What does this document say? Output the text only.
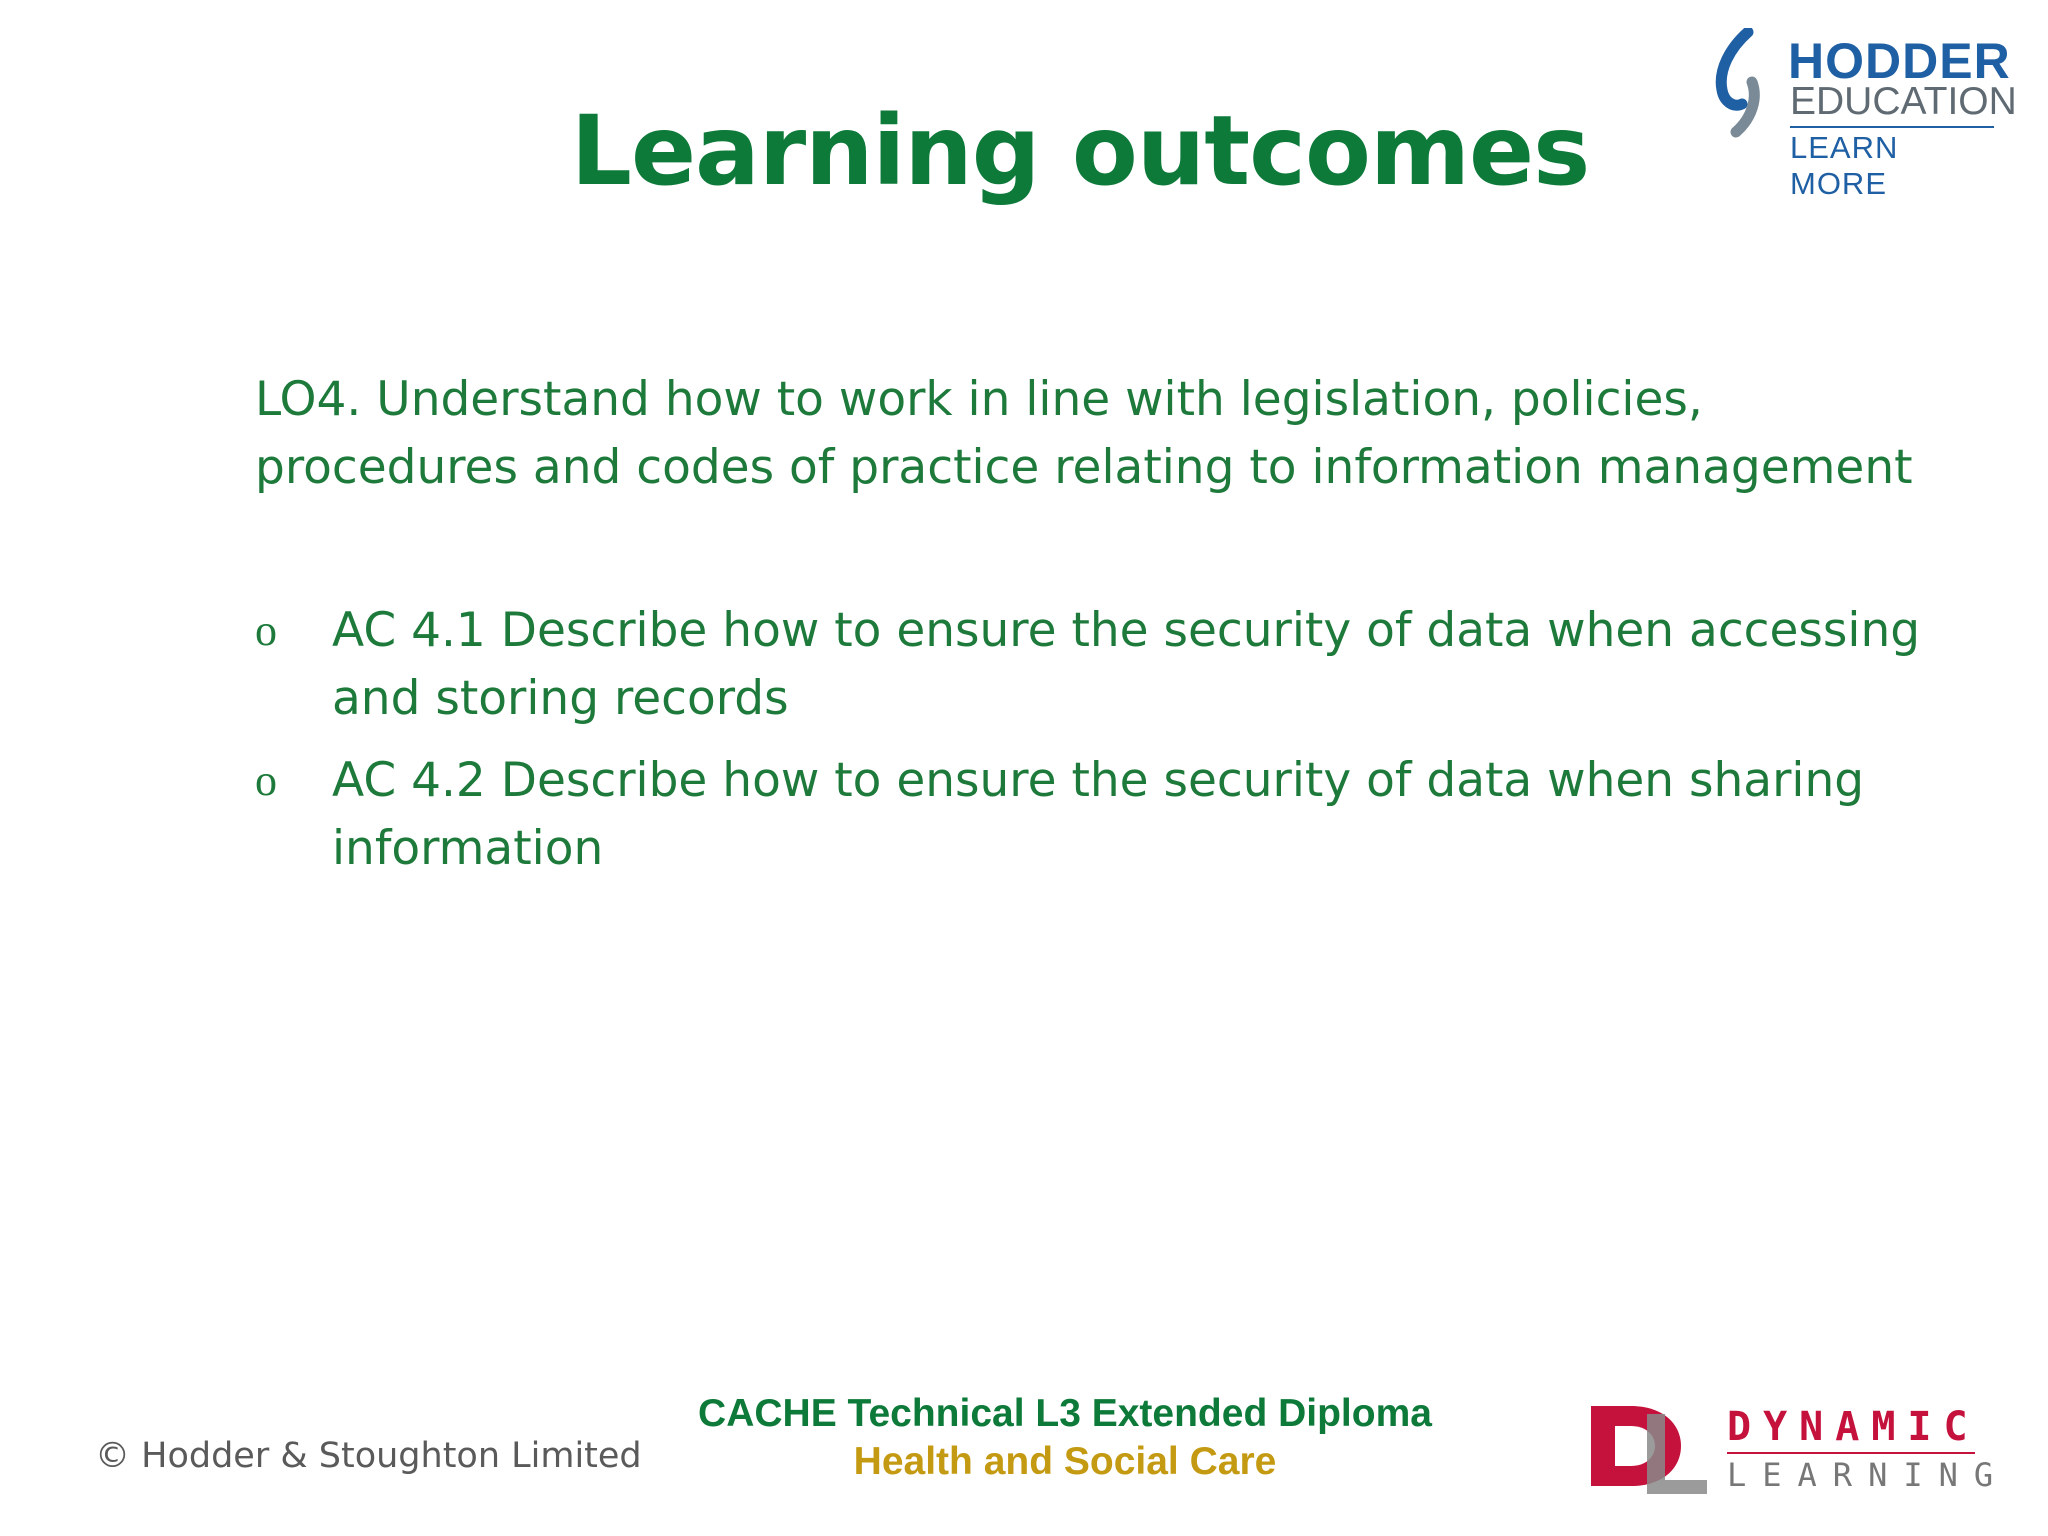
HODDER
EDUCATION
LEARN MORE
Learning outcomes

LO4. Understand how to work in line with legislation, policies, procedures and codes of practice relating to information management

o AC 4.1 Describe how to ensure the security of data when accessing and storing records
o AC 4.2 Describe how to ensure the security of data when sharing information
© Hodder & Stoughton Limited
CACHE Technical L3 Extended Diploma
Health and Social Care
DYNAMIC
LEARNING
